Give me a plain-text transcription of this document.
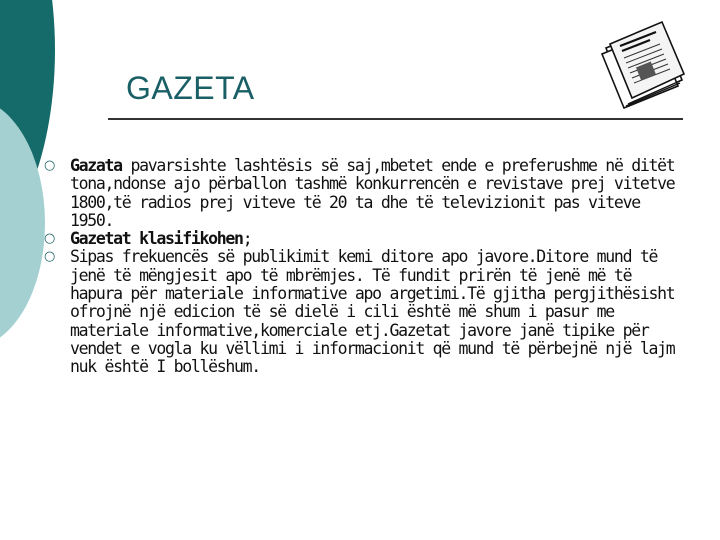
GAZETA
○
Gazata pavarsishte lashtësis së saj,mbetet ende e preferushme në ditët tona,ndonse ajo përballon tashmë konkurrencën e revistave prej vitetve 1800,të radios prej viteve të 20 ta dhe të televizionit pas viteve 1950.
○
Gazetat klasifikohen;
○
Sipas frekuencës së publikimit kemi ditore apo javore.Ditore mund të jenë të mëngjesit apo të mbrëmjes. Të fundit prirën të jenë më të hapura për materiale informative apo argetimi.Të gjitha pergjithësisht ofrojnë një edicion të së dielë i cili është më shum i pasur me materiale informative,komerciale etj.Gazetat javore janë tipike për vendet e vogla ku vëllimi i informacionit që mund të përbejnë një lajm nuk është I bollëshum.
